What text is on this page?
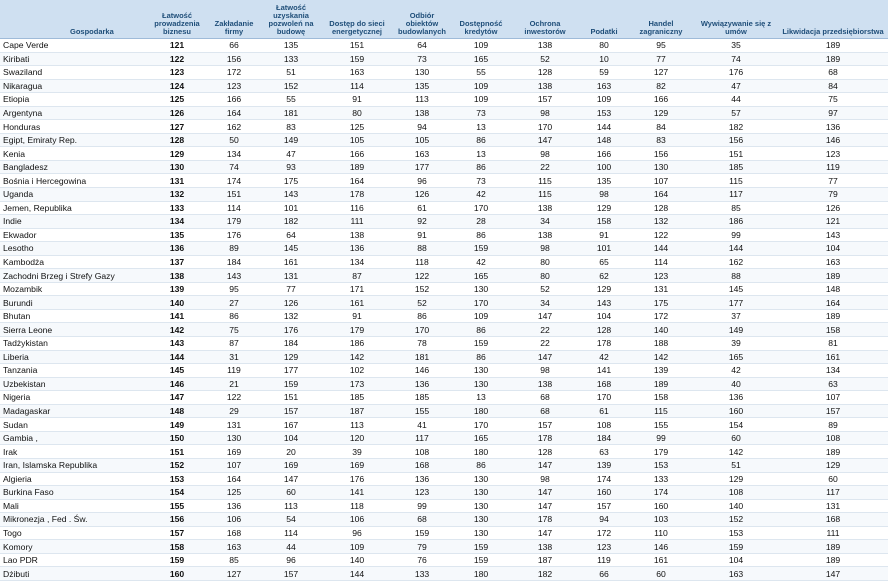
Gospodarka	Łatwość prowadzenia biznesu	Zakładanie firmy	Łatwość uzyskania pozwoleń na budowę	Dostęp do sieci energetycznej	Odbiór obiektów budowlanych	Dostępność kredytów	Ochrona inwestorów	Podatki	Handel zagraniczny	Wywiązywanie się z umów	Likwidacja przedsiębiorstwa
Cape Verde	121	66	135	151	64	109	138	80	95	35	189
Kiribati	122	156	133	159	73	165	52	10	77	74	189
Swaziland	123	172	51	163	130	55	128	59	127	176	68
Nikaragua	124	123	152	114	135	109	138	163	82	47	84
Etiopia	125	166	55	91	113	109	157	109	166	44	75
Argentyna	126	164	181	80	138	73	98	153	129	57	97
Honduras	127	162	83	125	94	13	170	144	84	182	136
Egipt, Emiraty Rep.	128	50	149	105	105	86	147	148	83	156	146
Kenia	129	134	47	166	163	13	98	166	156	151	123
Bangladesz	130	74	93	189	177	86	22	100	130	185	119
Bośnia i Hercegowina	131	174	175	164	96	73	115	135	107	115	77
Uganda	132	151	143	178	126	42	115	98	164	117	79
Jemen, Republika	133	114	101	116	61	170	138	129	128	85	126
Indie	134	179	182	111	92	28	34	158	132	186	121
Ekwador	135	176	64	138	91	86	138	91	122	99	143
Lesotho	136	89	145	136	88	159	98	101	144	144	104
Kambodża	137	184	161	134	118	42	80	65	114	162	163
Zachodni Brzeg i Strefy Gazy	138	143	131	87	122	165	80	62	123	88	189
Mozambik	139	95	77	171	152	130	52	129	131	145	148
Burundi	140	27	126	161	52	170	34	143	175	177	164
Bhutan	141	86	132	91	86	109	147	104	172	37	189
Sierra Leone	142	75	176	179	170	86	22	128	140	149	158
Tadżykistan	143	87	184	186	78	159	22	178	188	39	81
Liberia	144	31	129	142	181	86	147	42	142	165	161
Tanzania	145	119	177	102	146	130	98	141	139	42	134
Uzbekistan	146	21	159	173	136	130	138	168	189	40	63
Nigeria	147	122	151	185	185	13	68	170	158	136	107
Madagaskar	148	29	157	187	155	180	68	61	115	160	157
Sudan	149	131	167	113	41	170	157	108	155	154	89
Gambia ,	150	130	104	120	117	165	178	184	99	60	108
Irak	151	169	20	39	108	180	128	63	179	142	189
Iran, Islamska Republika	152	107	169	169	168	86	147	139	153	51	129
Algieria	153	164	147	176	136	130	98	174	133	129	60
Burkina Faso	154	125	60	141	123	130	147	160	174	108	117
Mali	155	136	113	118	99	130	147	157	160	140	131
Mikronezja , Fed . Św.	156	106	54	106	68	130	178	94	103	152	168
Togo	157	168	114	96	159	130	147	172	110	153	111
Komory	158	163	44	109	79	159	138	123	146	159	189
Lao PDR	159	85	96	140	76	159	187	119	161	104	189
Dżibuti	160	127	157	144	133	180	182	66	60	163	147
